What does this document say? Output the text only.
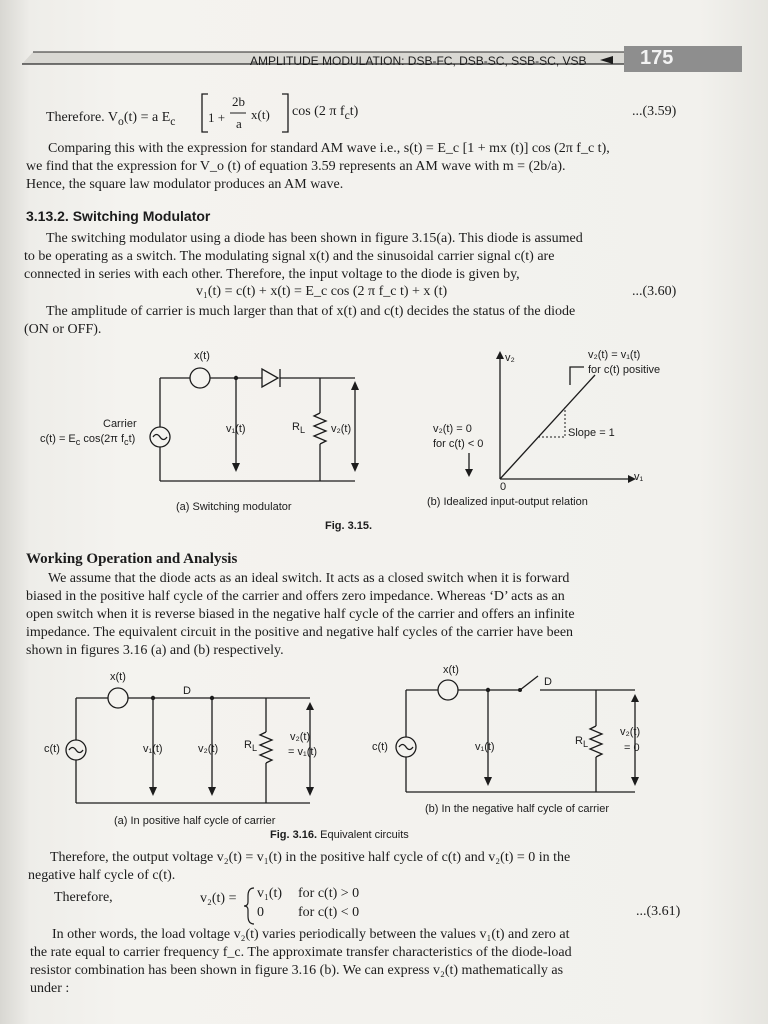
AMPLITUDE MODULATION: DSB-FC, DSB-SC, SSB-SC, VSB	175
Therefore. $V_o(t) = a$ $E_c$	1 +
2b
a
x(t) cos (2 π $f_ct$)	...(3.59)
Comparing this with the expression for standard AM wave i.e., s(t) = E_c [1 + mx (t)] cos (2π f_c t),
we find that the expression for V_o (t) of equation 3.59 represents an AM wave with m = (2b/a).
Hence, the square law modulator produces an AM wave.
3.13.2. Switching Modulator
The switching modulator using a diode has been shown in figure 3.15(a). This diode is assumed
to be operating as a switch. The modulating signal x(t) and the sinusoidal carrier signal c(t) are
connected in series with each other. Therefore, the input voltage to the diode is given by,
v₁(t) = c(t) + x(t) = E_c cos (2 π f_c t) + x (t)	...(3.60)
The amplitude of carrier is much larger than that of x(t) and c(t) decides the status of the diode
(ON or OFF).
x(t)
Carrier
$c(t) = E_c$ cos(2π $f_ct$)
v₁(t)	$R_L$ v₂(t)
(a) Switching modulator
v₂
v₁
0
v₂(t) = v₁(t)
for c(t) positive
v₂(t) = 0
for c(t) < 0
Slope = 1
(b) Idealized input-output relation
Fig. 3.15.
Working Operation and Analysis
We assume that the diode acts as an ideal switch. It acts as a closed switch when it is forward
biased in the positive half cycle of the carrier and offers zero impedance. Whereas ‘D’ acts as an
open switch when it is reverse biased in the negative half cycle of the carrier and offers an infinite
impedance. The equivalent circuit in the positive and negative half cycles of the carrier have been
shown in figures 3.16 (a) and (b) respectively.
x(t)
D
c(t)	v₁(t)	v₂(t) $R_L$
v₂(t)
= v₁(t)
(a) In positive half cycle of carrier
x(t)
D
c(t)	v₁(t)	$R_L$
v₂(t)
= 0
(b) In the negative half cycle of carrier
Fig. 3.16. Equivalent circuits
Therefore, the output voltage v₂(t) = v₁(t) in the positive half cycle of c(t) and v₂(t) = 0 in the
negative half cycle of c(t).
Therefore,	v₂(t) = v₁(t) for c(t) > 0
0 for c(t) < 0	...(3.61)
In other words, the load voltage v₂(t) varies periodically between the values v₁(t) and zero at
the rate equal to carrier frequency f_c. The approximate transfer characteristics of the diode-load
resistor combination has been shown in figure 3.16 (b). We can express v₂(t) mathematically as
under :
